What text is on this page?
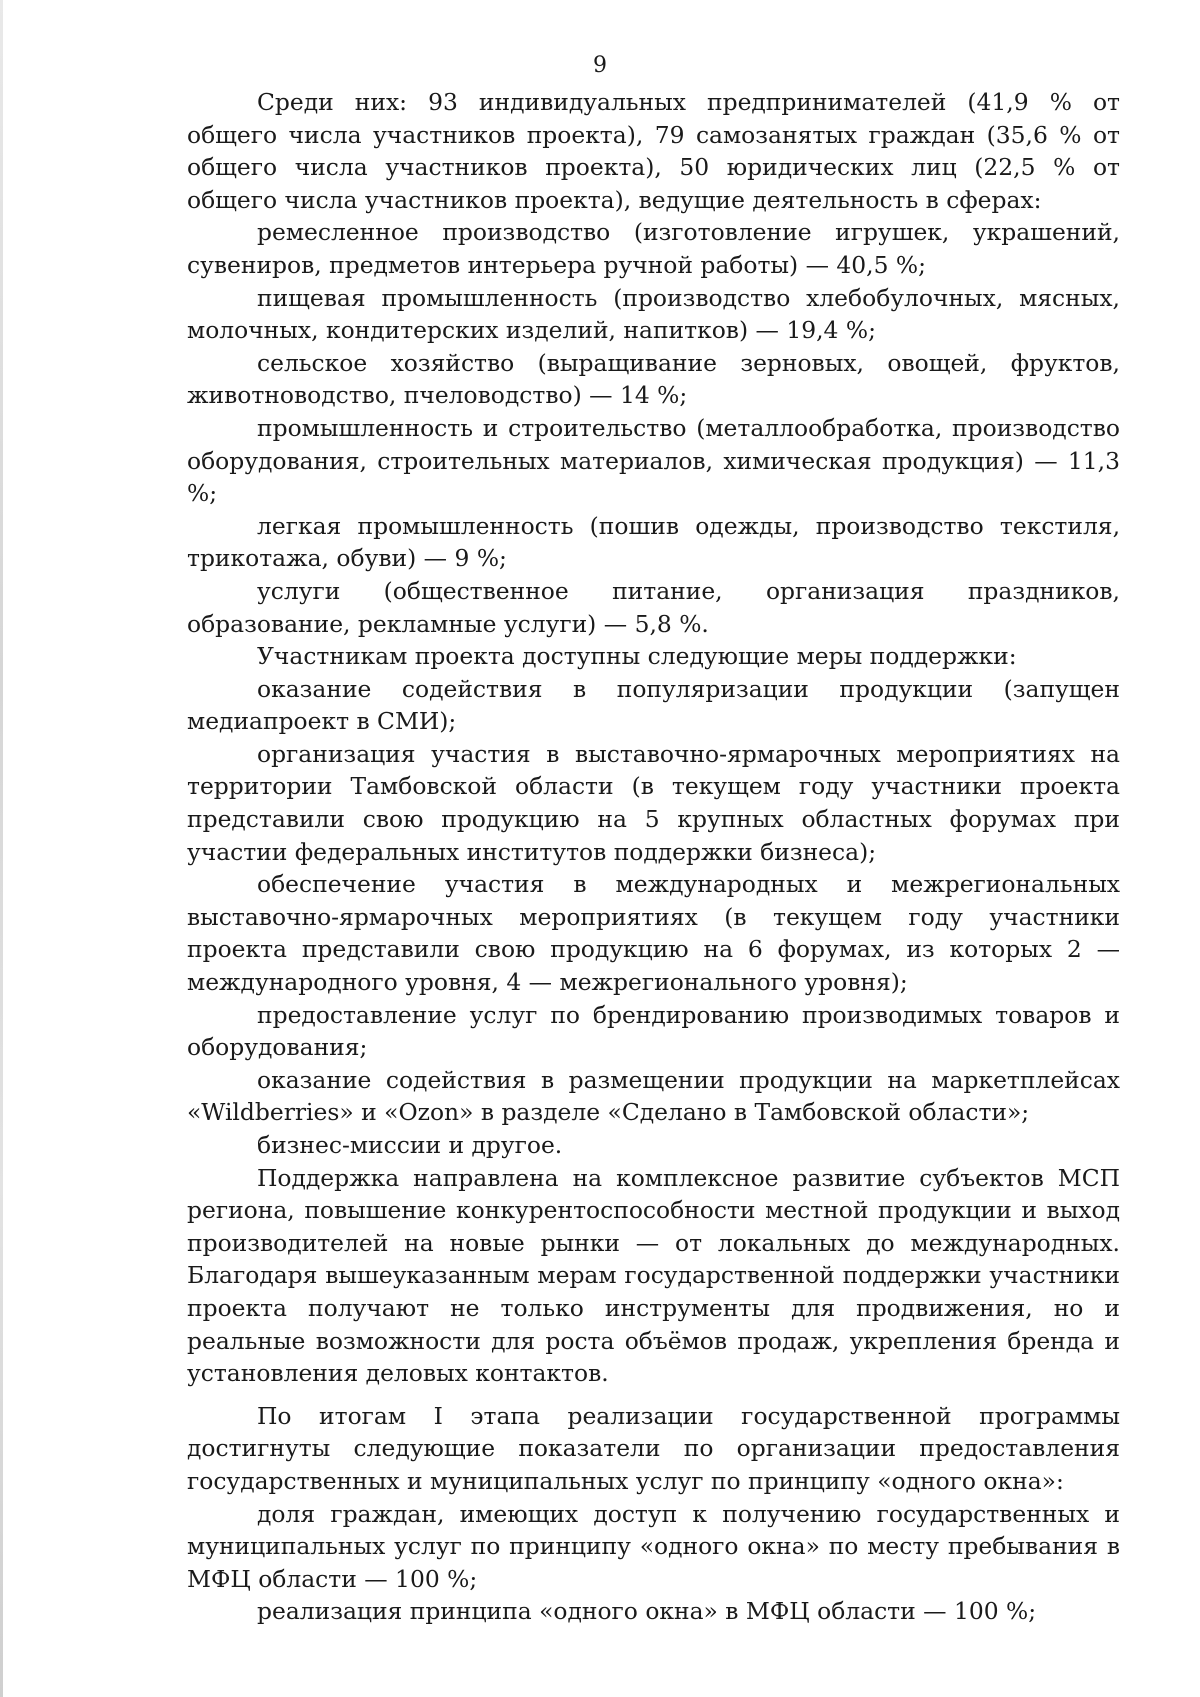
9

Среди них: 93 индивидуальных предпринимателей (41,9 % от общего числа участников проекта), 79 самозанятых граждан (35,6 % от общего числа участников проекта), 50 юридических лиц (22,5 % от общего числа участников проекта), ведущие деятельность в сферах:

ремесленное производство (изготовление игрушек, украшений, сувениров, предметов интерьера ручной работы) — 40,5 %;

пищевая промышленность (производство хлебобулочных, мясных, молочных, кондитерских изделий, напитков) — 19,4 %;

сельское хозяйство (выращивание зерновых, овощей, фруктов, животноводство, пчеловодство) — 14 %;

промышленность и строительство (металлообработка, производство оборудования, строительных материалов, химическая продукция) — 11,3 %;

легкая промышленность (пошив одежды, производство текстиля, трикотажа, обуви) — 9 %;

услуги (общественное питание, организация праздников, образование, рекламные услуги) — 5,8 %.

Участникам проекта доступны следующие меры поддержки:

оказание содействия в популяризации продукции (запущен медиапроект в СМИ);

организация участия в выставочно-ярмарочных мероприятиях на территории Тамбовской области (в текущем году участники проекта представили свою продукцию на 5 крупных областных форумах при участии федеральных институтов поддержки бизнеса);

обеспечение участия в международных и межрегиональных выставочно-ярмарочных мероприятиях (в текущем году участники проекта представили свою продукцию на 6 форумах, из которых 2 — международного уровня, 4 — межрегионального уровня);

предоставление услуг по брендированию производимых товаров и оборудования;

оказание содействия в размещении продукции на маркетплейсах «Wildberries» и «Ozon» в разделе «Сделано в Тамбовской области»;

бизнес-миссии и другое.

Поддержка направлена на комплексное развитие субъектов МСП региона, повышение конкурентоспособности местной продукции и выход производителей на новые рынки — от локальных до международных. Благодаря вышеуказанным мерам государственной поддержки участники проекта получают не только инструменты для продвижения, но и реальные возможности для роста объёмов продаж, укрепления бренда и установления деловых контактов.

По итогам I этапа реализации государственной программы достигнуты следующие показатели по организации предоставления государственных и муниципальных услуг по принципу «одного окна»:

доля граждан, имеющих доступ к получению государственных и муниципальных услуг по принципу «одного окна» по месту пребывания в МФЦ области — 100 %;

реализация принципа «одного окна» в МФЦ области — 100 %;
